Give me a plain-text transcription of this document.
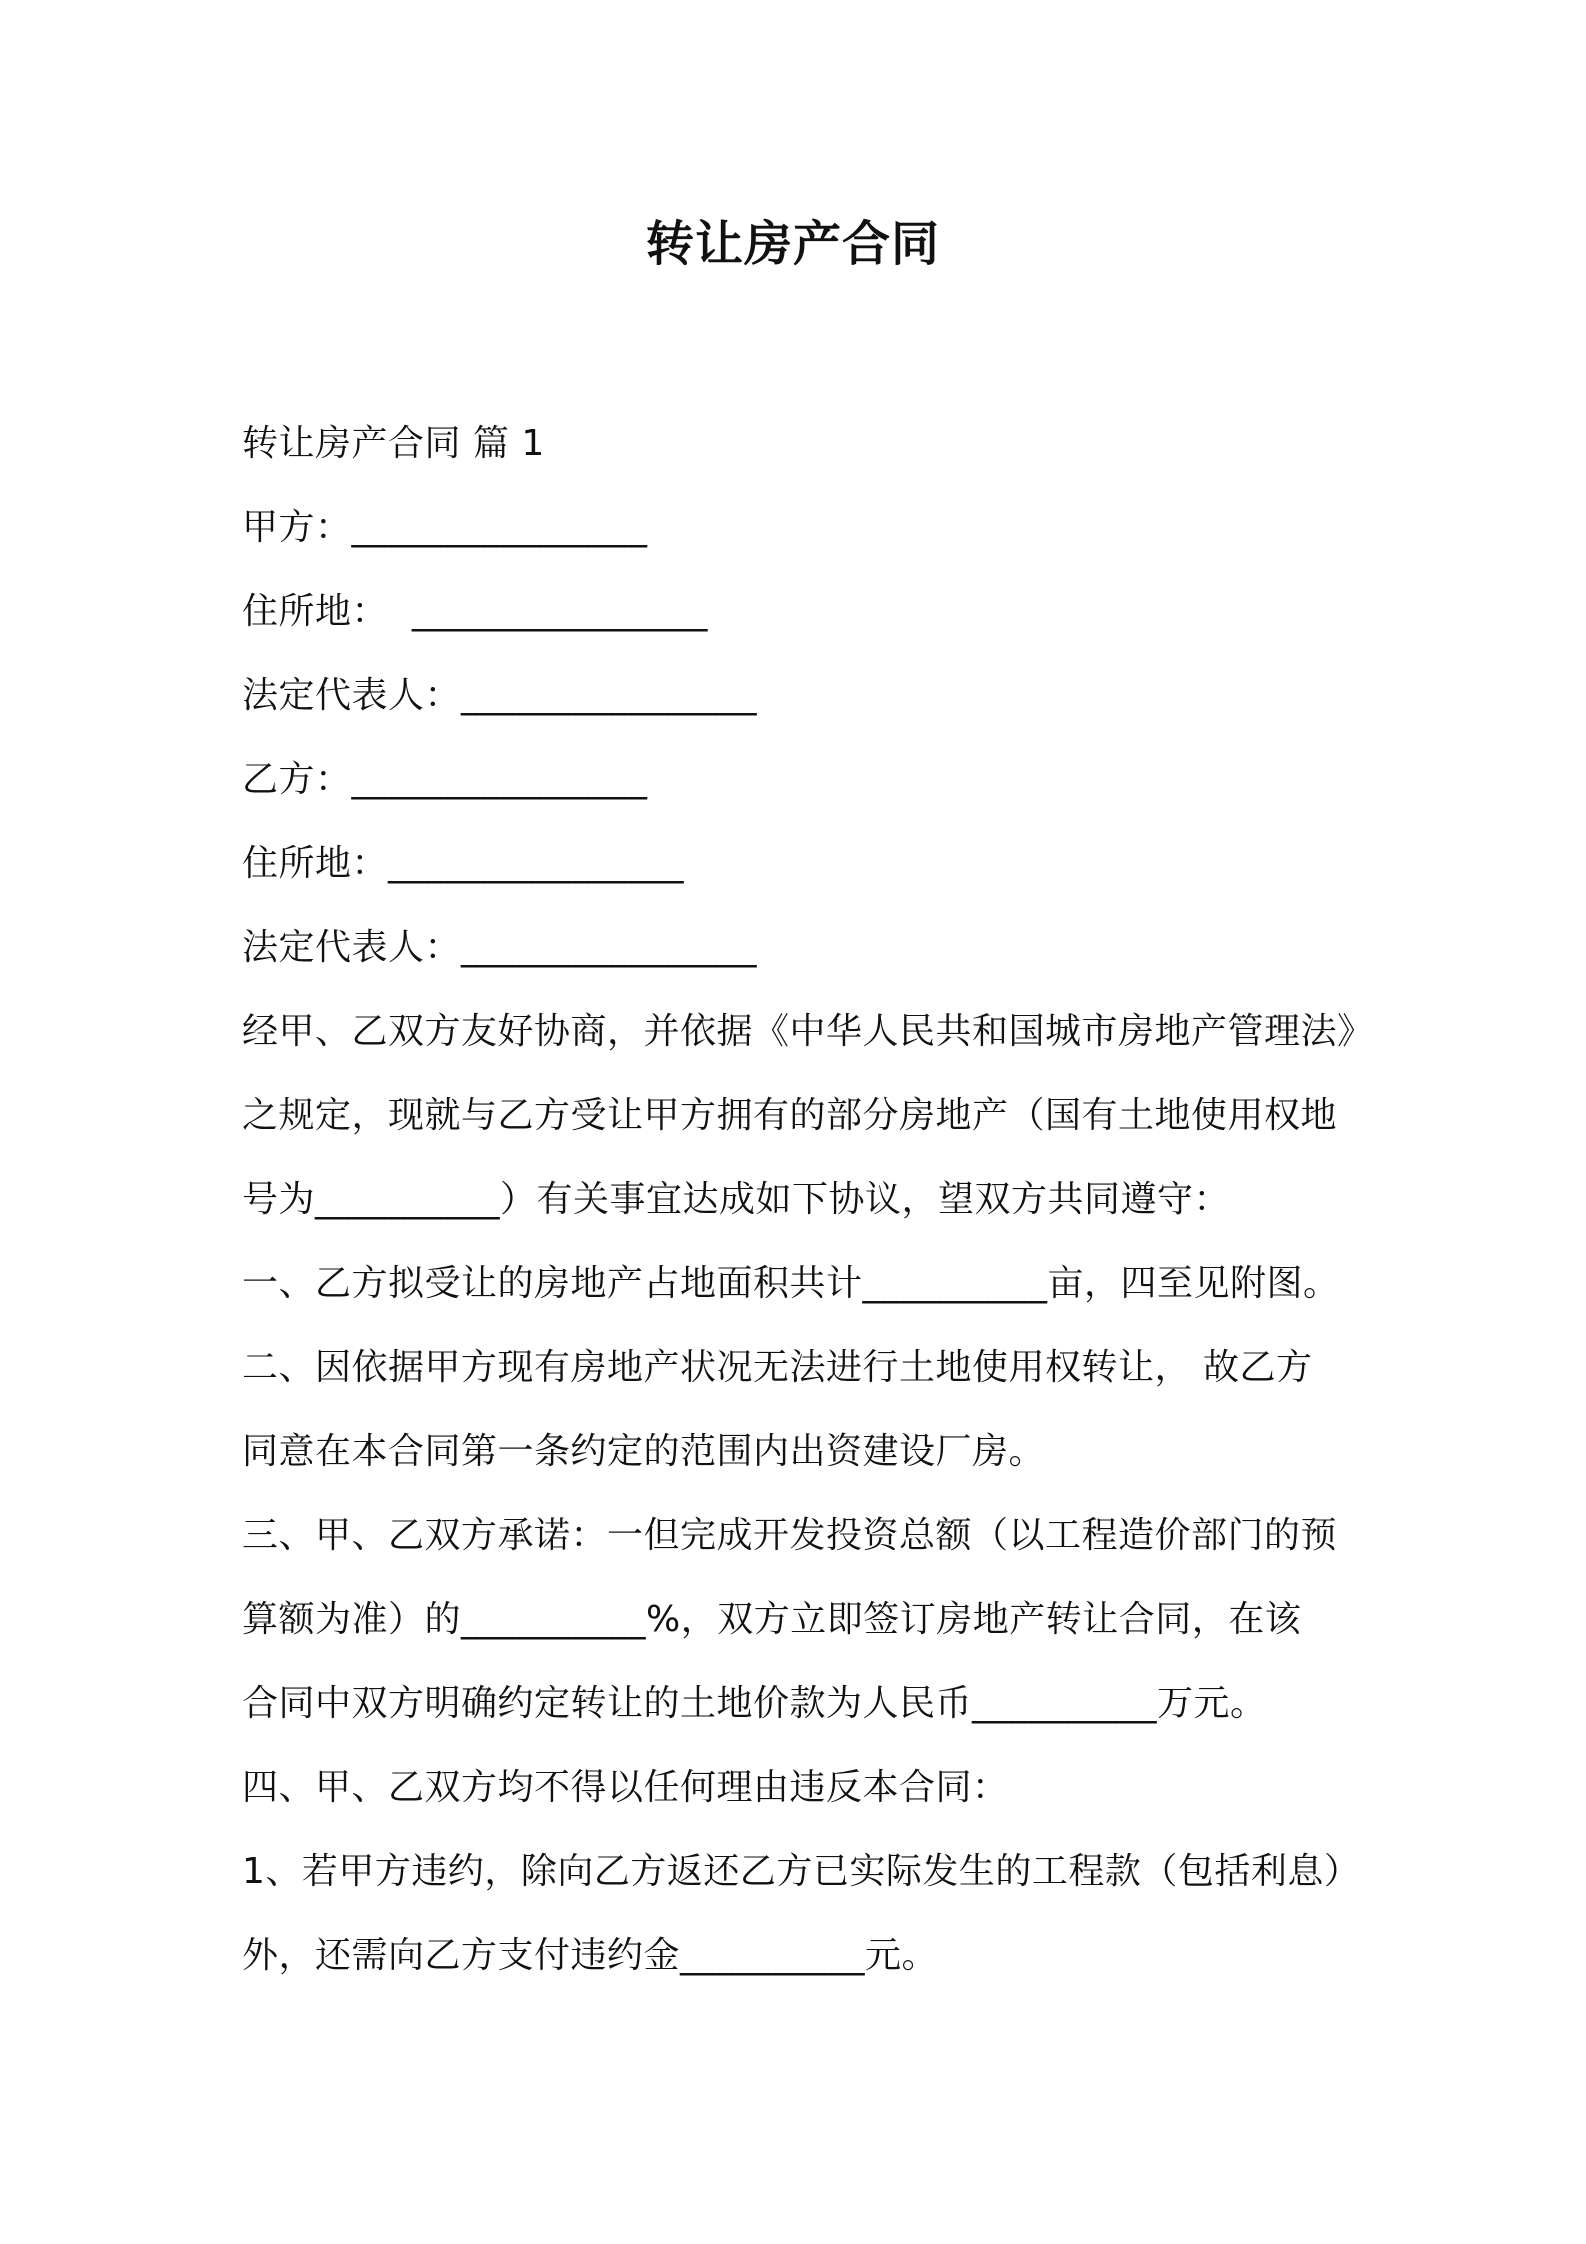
转让房产合同
转让房产合同 篇 1
甲方：________________
住所地：  ________________
法定代表人：________________
乙方：________________
住所地：________________
法定代表人：________________
经甲、乙双方友好协商，并依据《中华人民共和国城市房地产管理法》
之规定，现就与乙方受让甲方拥有的部分房地产（国有土地使用权地
号为__________）有关事宜达成如下协议，望双方共同遵守：
一、乙方拟受让的房地产占地面积共计__________亩，四至见附图。
二、因依据甲方现有房地产状况无法进行土地使用权转让， 故乙方
同意在本合同第一条约定的范围内出资建设厂房。
三、甲、乙双方承诺：一但完成开发投资总额（以工程造价部门的预
算额为准）的__________%，双方立即签订房地产转让合同，在该
合同中双方明确约定转让的土地价款为人民币__________万元。
四、甲、乙双方均不得以任何理由违反本合同：
1、若甲方违约，除向乙方返还乙方已实际发生的工程款（包括利息）
外，还需向乙方支付违约金__________元。
